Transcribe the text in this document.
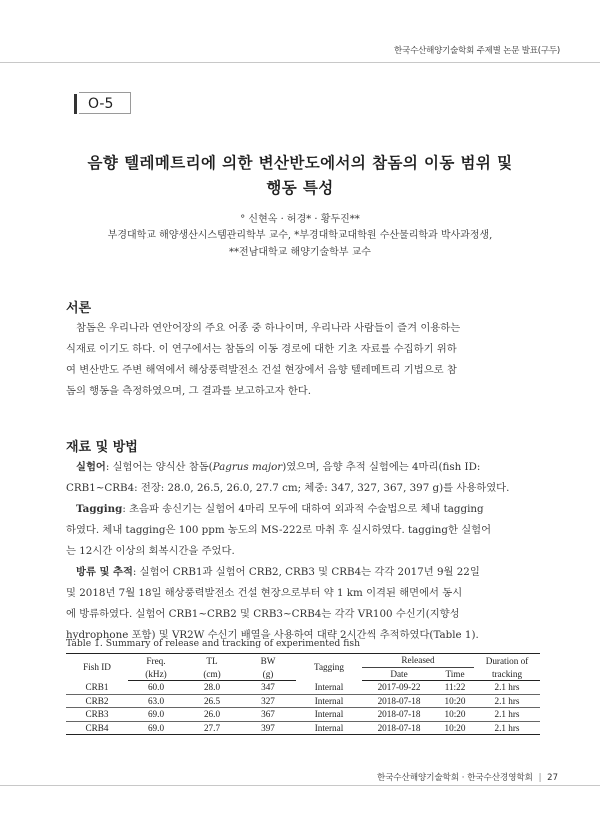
한국수산해양기술학회 주제별 논문 발표(구두)
O-5
음향 텔레메트리에 의한 변산반도에서의 참돔의 이동 범위 및
행동 특성
° 신현옥 · 허경* · 황두진**
부경대학교 해양생산시스템관리학부 교수, *부경대학교대학원 수산물리학과 박사과정생,
**전남대학교 해양기술학부 교수
서론
참돔은 우리나라 연안어장의 주요 어종 중 하나이며, 우리나라 사람들이 즐겨 이용하는
식재료 이기도 하다. 이 연구에서는 참돔의 이동 경로에 대한 기초 자료를 수집하기 위하
여 변산반도 주변 해역에서 해상풍력발전소 건설 현장에서 음향 텔레메트리 기법으로 참
돔의 행동을 측정하였으며, 그 결과를 보고하고자 한다.
재료 및 방법
실험어: 실험어는 양식산 참돔(Pagrus major)였으며, 음향 추적 실험에는 4마리(fish ID:
CRB1~CRB4: 전장: 28.0, 26.5, 26.0, 27.7 cm; 체중: 347, 327, 367, 397 g)를 사용하였다.
Tagging: 초음파 송신기는 실험어 4마리 모두에 대하여 외과적 수술법으로 체내 tagging
하였다. 체내 tagging은 100 ppm 농도의 MS-222로 마취 후 실시하였다. tagging한 실험어
는 12시간 이상의 회복시간을 주었다.
방류 및 추적: 실험어 CRB1과 실험어 CRB2, CRB3 및 CRB4는 각각 2017년 9월 22일
및 2018년 7월 18일 해상풍력발전소 건설 현장으로부터 약 1 km 이격된 해면에서 동시
에 방류하였다. 실험어 CRB1~CRB2 및 CRB3~CRB4는 각각 VR100 수신기(지향성
hydrophone 포함) 및 VR2W 수신기 배열을 사용하여 대략 2시간씩 추적하였다(Table 1).
Table 1. Summary of release and tracking of experimented fish
Fish ID	Freq.	TL	BW	Tagging	Released		Duration of
	(kHz)	(cm)	(g)		Date	Time	tracking
CRB1	60.0	28.0	347	Internal	2017-09-22	11:22	2.1 hrs
CRB2	63.0	26.5	327	Internal	2018-07-18	10:20	2.1 hrs
CRB3	69.0	26.0	367	Internal	2018-07-18	10:20	2.1 hrs
CRB4	69.0	27.7	397	Internal	2018-07-18	10:20	2.1 hrs
한국수산해양기술학회 · 한국수산경영학회 | 27
